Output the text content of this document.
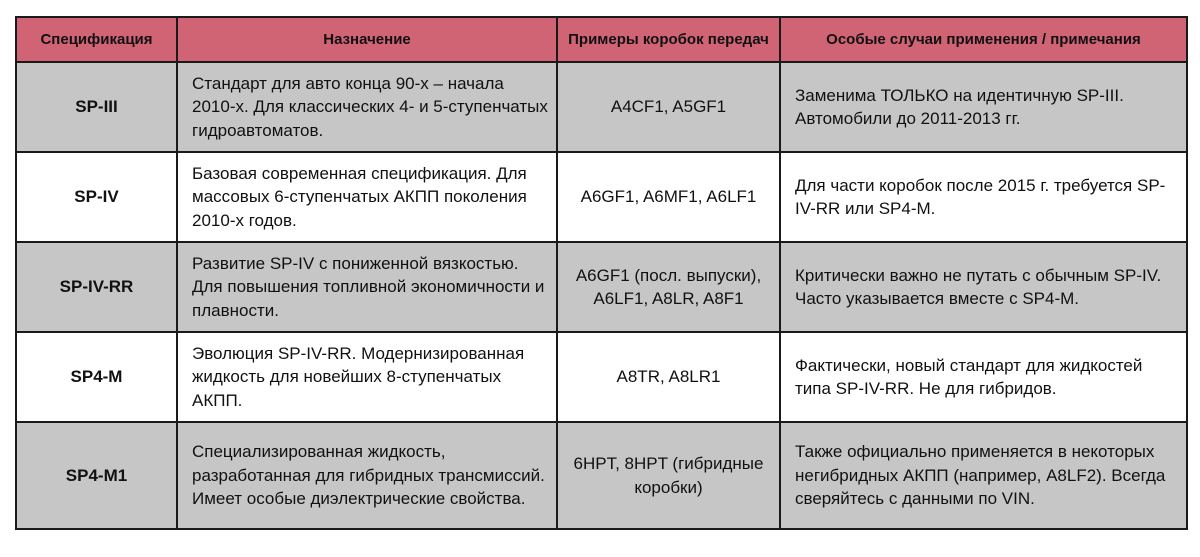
Спецификация	Назначение	Примеры коробок передач	Особые случаи применения / примечания
SP-III	Стандарт для авто конца 90-х – начала 2010-х. Для классических 4- и 5-ступенчатых гидроавтоматов.	A4CF1, A5GF1	Заменима ТОЛЬКО на идентичную SP-III. Автомобили до 2011-2013 гг.
SP-IV	Базовая современная спецификация. Для массовых 6-ступенчатых АКПП поколения 2010-х годов.	A6GF1, A6MF1, A6LF1	Для части коробок после 2015 г. требуется SP-IV-RR или SP4-M.
SP-IV-RR	Развитие SP-IV с пониженной вязкостью. Для повышения топливной экономичности и плавности.	A6GF1 (посл. выпуски), A6LF1, A8LR, A8F1	Критически важно не путать с обычным SP-IV. Часто указывается вместе с SP4-M.
SP4-M	Эволюция SP-IV-RR. Модернизированная жидкость для новейших 8-ступенчатых АКПП.	A8TR, A8LR1	Фактически, новый стандарт для жидкостей типа SP-IV-RR. Не для гибридов.
SP4-M1	Специализированная жидкость, разработанная для гибридных трансмиссий. Имеет особые диэлектрические свойства.	6HPT, 8HPT (гибридные коробки)	Также официально применяется в некоторых негибридных АКПП (например, A8LF2). Всегда сверяйтесь с данными по VIN.
